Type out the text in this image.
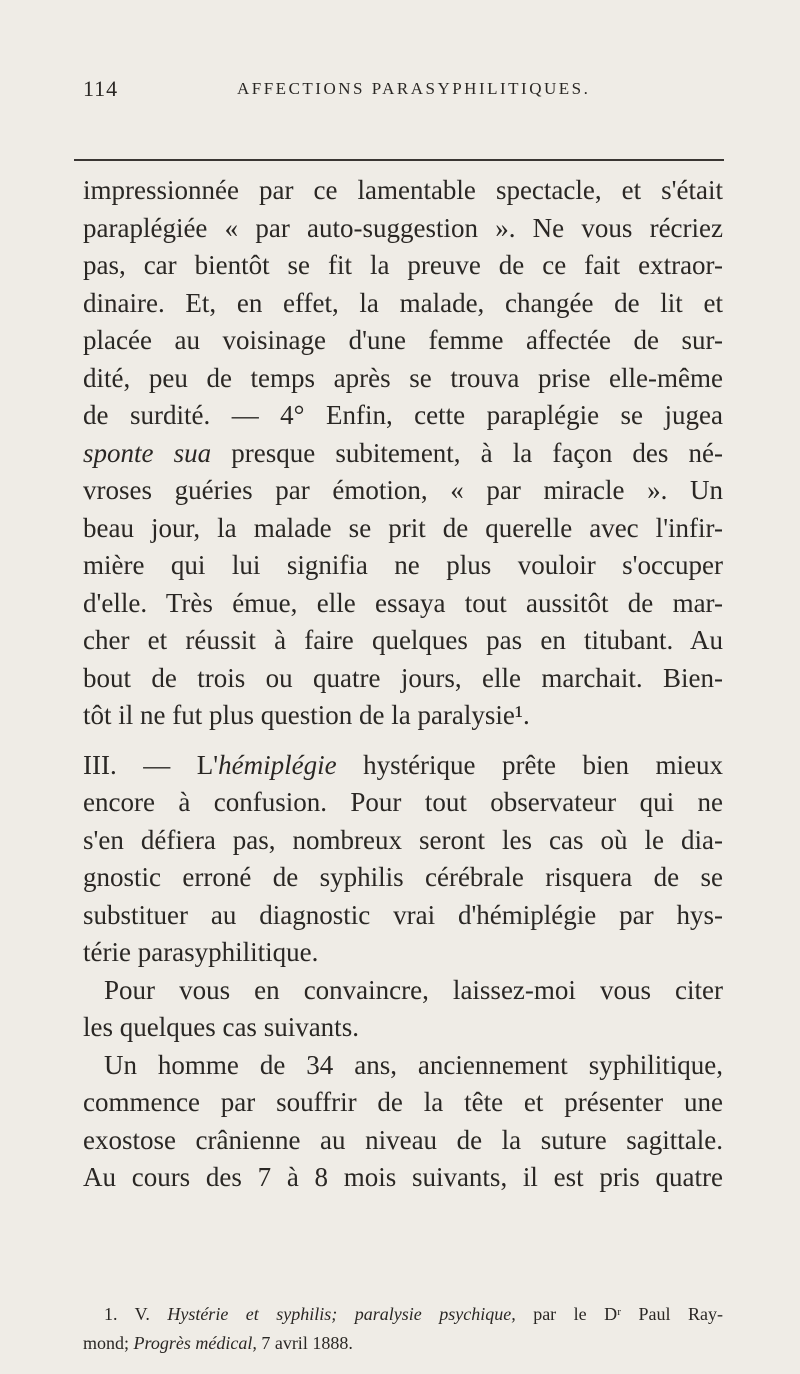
114	AFFECTIONS PARASYPHILITIQUES.
impressionnée par ce lamentable spectacle, et s'était
paraplégiée « par auto-suggestion ». Ne vous récriez
pas, car bientôt se fit la preuve de ce fait extraor-
dinaire. Et, en effet, la malade, changée de lit et
placée au voisinage d'une femme affectée de sur-
dité, peu de temps après se trouva prise elle-même
de surdité. — 4° Enfin, cette paraplégie se jugea
sponte sua presque subitement, à la façon des né-
vroses guéries par émotion, « par miracle ». Un
beau jour, la malade se prit de querelle avec l'infir-
mière qui lui signifia ne plus vouloir s'occuper
d'elle. Très émue, elle essaya tout aussitôt de mar-
cher et réussit à faire quelques pas en titubant. Au
bout de trois ou quatre jours, elle marchait. Bien-
tôt il ne fut plus question de la paralysie¹.
III. — L'hémiplégie hystérique prête bien mieux
encore à confusion. Pour tout observateur qui ne
s'en défiera pas, nombreux seront les cas où le dia-
gnostic erroné de syphilis cérébrale risquera de se
substituer au diagnostic vrai d'hémiplégie par hys-
térie parasyphilitique.
Pour vous en convaincre, laissez-moi vous citer
les quelques cas suivants.
Un homme de 34 ans, anciennement syphilitique,
commence par souffrir de la tête et présenter une
exostose crânienne au niveau de la suture sagittale.
Au cours des 7 à 8 mois suivants, il est pris quatre
1. V. Hystérie et syphilis; paralysie psychique, par le Dʳ Paul Ray-
mond; Progrès médical, 7 avril 1888.
